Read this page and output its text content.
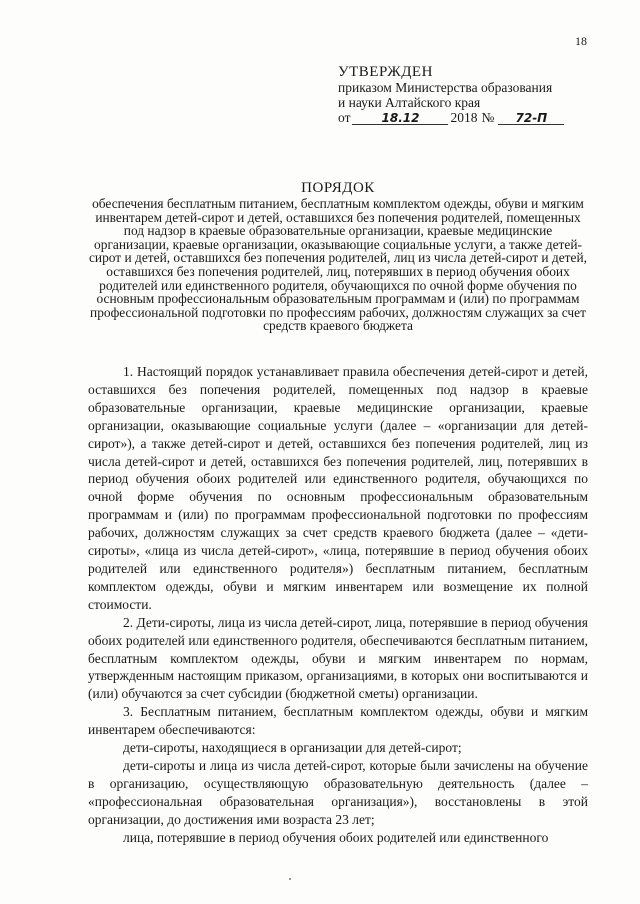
18
УТВЕРЖДЕН
приказом Министерства образования
и науки Алтайского края
от	18.12	2018 №	72-П
ПОРЯДОК
обеспечения бесплатным питанием, бесплатным комплектом одежды, обуви и мягким инвентарем детей-сирот и детей, оставшихся без попечения родителей, помещенных под надзор в краевые образовательные организации, краевые медицинские организации, краевые организации, оказывающие социальные услуги, а также детей-сирот и детей, оставшихся без попечения родителей, лиц из числа детей-сирот и детей, оставшихся без попечения родителей, лиц, потерявших в период обучения обоих родителей или единственного родителя, обучающихся по очной форме обучения по основным профессиональным образовательным программам и (или) по программам профессиональной подготовки по профессиям рабочих, должностям служащих за счет средств краевого бюджета

1. Настоящий порядок устанавливает правила обеспечения детей-сирот и детей, оставшихся без попечения родителей, помещенных под надзор в краевые образовательные организации, краевые медицинские организации, краевые организации, оказывающие социальные услуги (далее – «организации для детей-сирот»), а также детей-сирот и детей, оставшихся без попечения родителей, лиц из числа детей-сирот и детей, оставшихся без попечения родителей, лиц, потерявших в период обучения обоих родителей или единственного родителя, обучающихся по очной форме обучения по основным профессиональным образовательным программам и (или) по программам профессиональной подготовки по профессиям рабочих, должностям служащих за счет средств краевого бюджета (далее – «дети-сироты», «лица из числа детей-сирот», «лица, потерявшие в период обучения обоих родителей или единственного родителя») бесплатным питанием, бесплатным комплектом одежды, обуви и мягким инвентарем или возмещение их полной стоимости.

2. Дети-сироты, лица из числа детей-сирот, лица, потерявшие в период обучения обоих родителей или единственного родителя, обеспечиваются бесплатным питанием, бесплатным комплектом одежды, обуви и мягким инвентарем по нормам, утвержденным настоящим приказом, организациями, в которых они воспитываются и (или) обучаются за счет субсидии (бюджетной сметы) организации.

3. Бесплатным питанием, бесплатным комплектом одежды, обуви и мягким инвентарем обеспечиваются:

дети-сироты, находящиеся в организации для детей-сирот;

дети-сироты и лица из числа детей-сирот, которые были зачислены на обучение в организацию, осуществляющую образовательную деятельность (далее – «профессиональная образовательная организация»), восстановлены в этой организации, до достижения ими возраста 23 лет;

лица, потерявшие в период обучения обоих родителей или единственного
